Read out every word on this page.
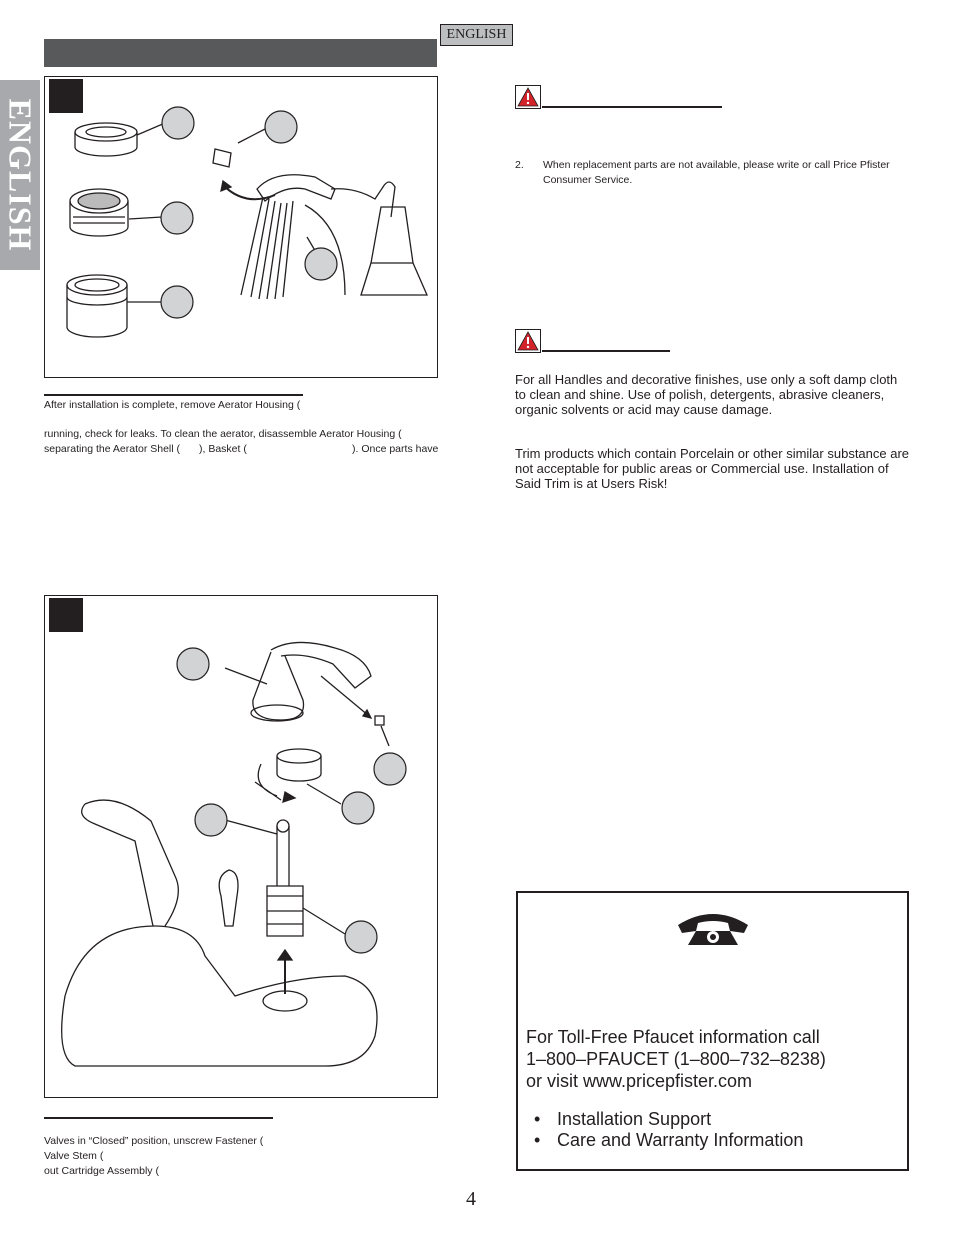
ENGLISH
ENGLISH
After installation is complete, remove Aerator Housing (
running, check for leaks. To clean the aerator, disassemble Aerator Housing (
separating the Aerator Shell ( ), Basket (	). Once parts have
Valves in “Closed” position, unscrew Fastener (
Valve Stem (
out Cartridge Assembly (
2. When replacement parts are not available, please write or call Price Pfister
Consumer Service.
For all Handles and decorative finishes, use only a soft damp cloth to clean and shine. Use of polish, detergents, abrasive cleaners, organic solvents or acid may cause damage.
Trim products which contain Porcelain or other similar substance are not acceptable for public areas or Commercial use. Installation of Said Trim is at Users Risk!
For Toll-Free Pfaucet information call
1–800–PFAUCET (1–800–732–8238)
or visit www.pricepfister.com
• Installation Support
• Care and Warranty Information
4
